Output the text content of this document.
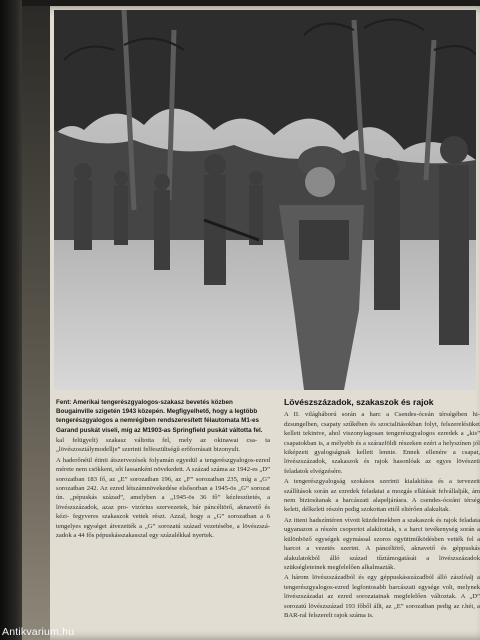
Fent: Amerikai tengerészgyalogos-szakasz bevetés közben Bougainville szigetén 1943 közepén. Megfigyelhető, hogy a legtöbb tengerészgyalogos a nemrégiben rendszeresített félautomata M1-es Garand puskát viseli, míg az M1903-as Springfield puskát váltotta fel.

kal felügyelt) szakasz váltotta fel, mely az okinawai csa- ta „lövészosztálymodellje” szerinti felfeszültségű erőforrásait bizonyult.

A haderőnéül étinti átszervezések folyamán egyedül a tengerészgyalogos-ezred mérete nem csökkent, sőt lassanként növekedett. A század száma az 1942-es „D” sorozatban 183 fő, az „E” sorozatban 196, az „F” sorozatban 235, míg a „G” sorozatban 242. Az ezred létszámnövekedése elsősorban a 1945-ös „G” sorozat ún. „pépuskás század”, amelyben a „1945-ös 36 fő” kézfeszítetés, a lövészszázadok, azaz pro- vizórius szervezetek, bár páncéltörő, aknavető és kézi- fegyveres szakaszok vettek részt. Azzal, hogy a „G” sorozatban a 6 tengelyes egységet átvezették a „G” sorozatú század vezetésébe, a lövészszá- zadok a 44 fős pépuskásszakasszal egy százalékkal nyertek.

Lövészszázadok, szakaszok és rajok

A II. világháború során a harc a Csendes-óceán térségében hi- dzsungelben, csapaty szűkében és szocialitásokban folyt, felszerelésüket kellett tekintve, ahol viszonylagosan tengerészgyalogos ezredek a „kis” csapatokban is, a mélyebb és a szárazföldi részeken ezért a helyszínen jól kiképzett gyalogságnak kellett lennie. Ennek ellenére a csapat, lövészszázadok, szakaszok és rajok hasonlóak az egyes lövészeti feladatok elvégzésére.

A tengerészgyalogság szokásos szerinti kialakítása és a tervezett szállítások során az ezredek feladatai a mozgás ellátását felvállalják, ám nem biztosítanak a harcászati alapeljárásra. A csendes-óceáni térség keleti, délkeleti részén pedig szokottan ettől eltérően alakultak.

Az itteni hadszíntéren vívott küzdelmekben a szakaszok és rajok feladata ugyanazon a részén csoportot alakítottak, s a harci tevékenység során a különböző egységek egymással szoros együttműködésben vették fel a harcot a vezetés szerint. A páncéltörő, aknavető és géppuskás alakulatokból álló század tűztámogatását a lövészszázadok szükségleteinek megfelelően alkalmazták.

A három lövészszázadból és egy géppuskásszázadból álló zászlóalj a tengerészgyalogos-ezred legfontosabb harcászati egysége volt, melynek lövészszázadai az ezred sorozatainak megfelelően változtak. A „D” sorozatú lövészszázad 193 főből állt, az „E” sorozatban pedig az r.hét, a BAR-ral felszerelt rajok száma is.

Antikvarium.hu
